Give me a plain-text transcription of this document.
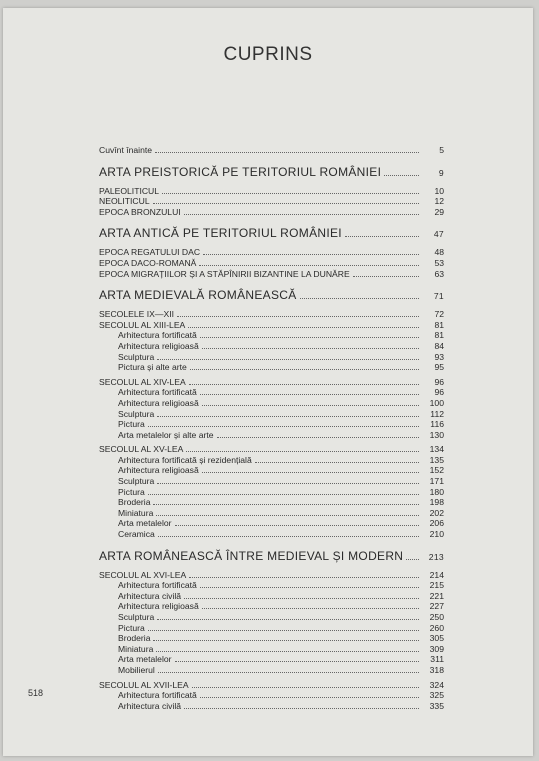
CUPRINS
Cuvînt înainte	5
ARTA PREISTORICĂ PE TERITORIUL ROMÂNIEI	9
PALEOLITICUL	10
NEOLITICUL	12
EPOCA BRONZULUI	29
ARTA ANTICĂ PE TERITORIUL ROMÂNIEI	47
EPOCA REGATULUI DAC	48
EPOCA DACO-ROMANĂ	53
EPOCA MIGRAȚIILOR ȘI A STĂPÎNIRII BIZANTINE LA DUNĂRE	63
ARTA MEDIEVALĂ ROMÂNEASCĂ	71
SECOLELE IX—XII	72
SECOLUL AL XIII-LEA	81
Arhitectura fortificată	81
Arhitectura religioasă	84
Sculptura	93
Pictura și alte arte	95
SECOLUL AL XIV-LEA	96
Arhitectura fortificată	96
Arhitectura religioasă	100
Sculptura	112
Pictura	116
Arta metalelor și alte arte	130
SECOLUL AL XV-LEA	134
Arhitectura fortificată și rezidențială	135
Arhitectura religioasă	152
Sculptura	171
Pictura	180
Broderia	198
Miniatura	202
Arta metalelor	206
Ceramica	210
ARTA ROMÂNEASCĂ ÎNTRE MEDIEVAL ȘI MODERN	213
SECOLUL AL XVI-LEA	214
Arhitectura fortificată	215
Arhitectura civilă	221
Arhitectura religioasă	227
Sculptura	250
Pictura	260
Broderia	305
Miniatura	309
Arta metalelor	311
Mobilierul	318
SECOLUL AL XVII-LEA	324
Arhitectura fortificată	325
Arhitectura civilă	335
518
